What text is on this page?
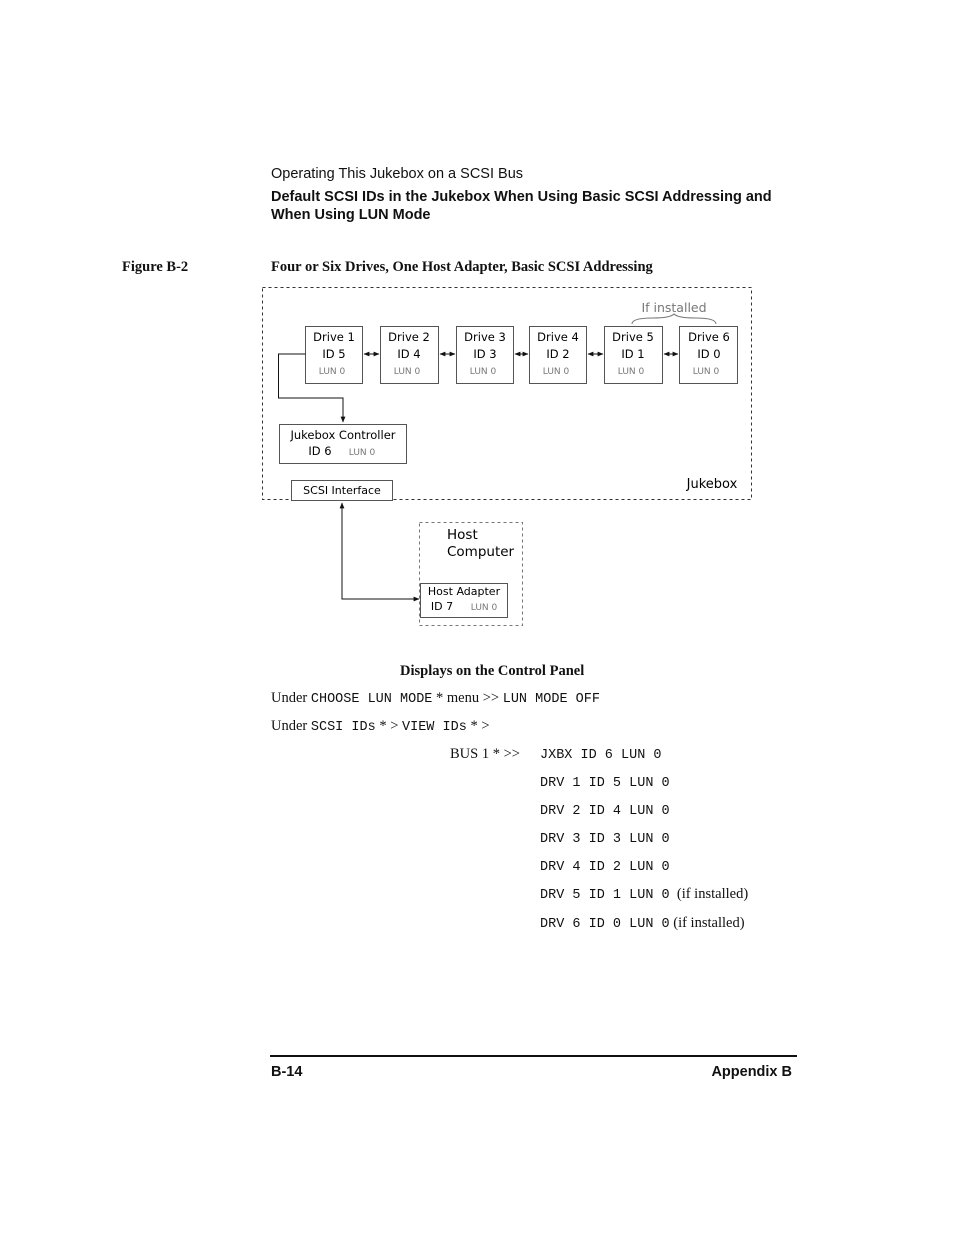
Operating This Jukebox on a SCSI Bus
Default SCSI IDs in the Jukebox When Using Basic SCSI Addressing and When Using LUN Mode
Figure B-2	Four or Six Drives, One Host Adapter, Basic SCSI Addressing
If installed
Drive 1
ID 5
LUN 0
Drive 2
ID 4
LUN 0
Drive 3
ID 3
LUN 0
Drive 4
ID 2
LUN 0
Drive 5
ID 1
LUN 0
Drive 6
ID 0
LUN 0
Jukebox Controller
ID 6 LUN 0
SCSI Interface	Jukebox
Host
Computer
Host Adapter
ID 7 LUN 0
Displays on the Control Panel
Under CHOOSE LUN MODE * menu >> LUN MODE OFF
Under SCSI IDs * > VIEW IDs * >
BUS 1 * >> JXBX ID 6 LUN 0
DRV 1 ID 5 LUN 0
DRV 2 ID 4 LUN 0
DRV 3 ID 3 LUN 0
DRV 4 ID 2 LUN 0
DRV 5 ID 1 LUN 0  (if installed)
DRV 6 ID 0 LUN 0 (if installed)
B-14	Appendix B
